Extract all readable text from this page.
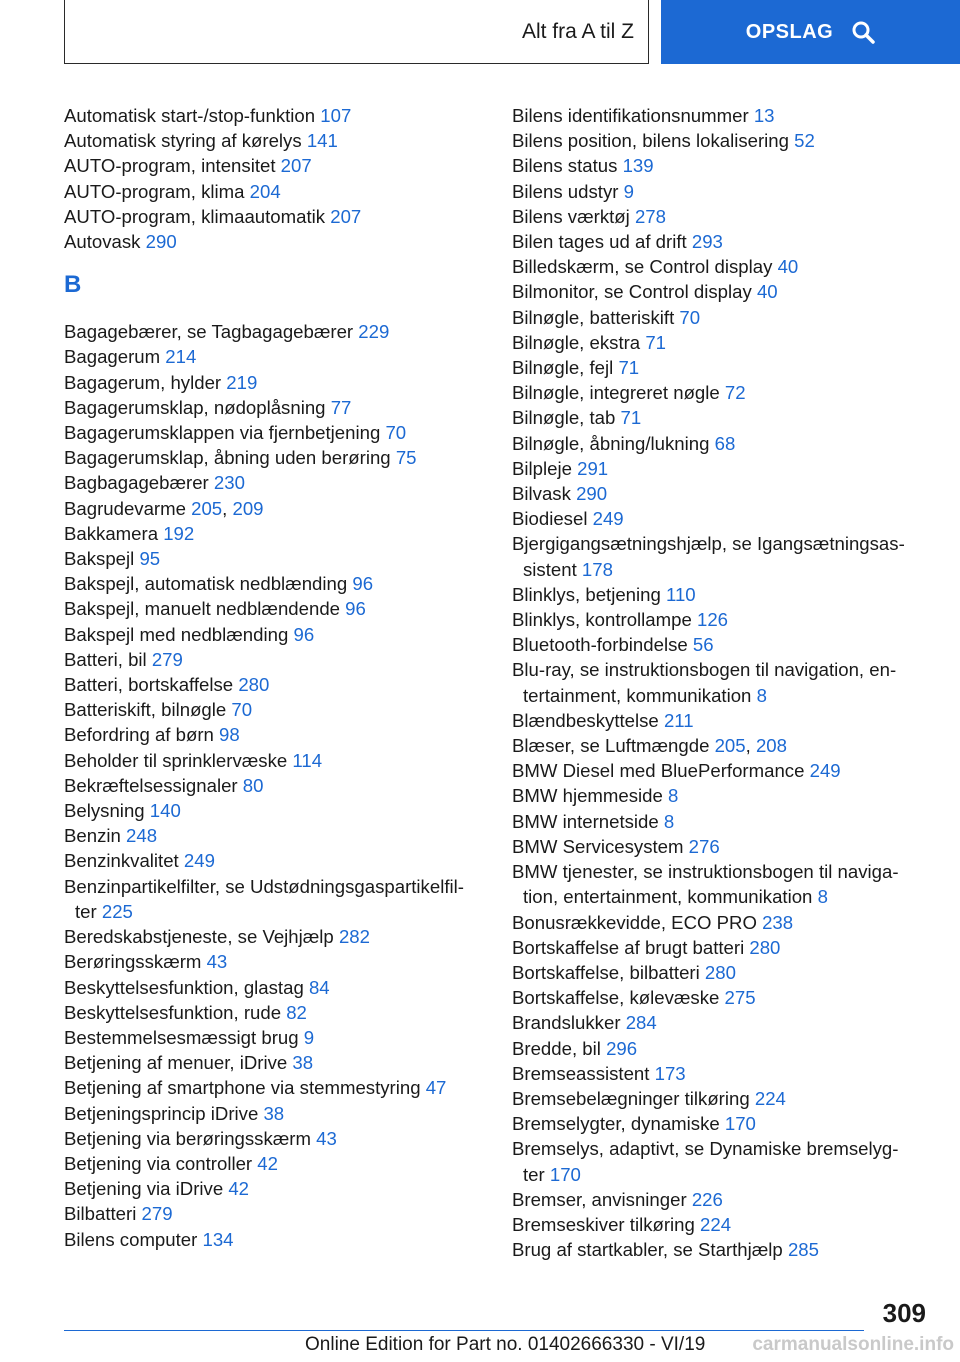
Alt fra A til Z	OPSLAG
Automatisk start-/stop-funktion 107
Automatisk styring af kørelys 141
AUTO-program, intensitet 207
AUTO-program, klima 204
AUTO-program, klimaautomatik 207
Autovask 290
B
Bagagebærer, se Tagbagagebærer 229
Bagagerum 214
Bagagerum, hylder 219
Bagagerumsklap, nødoplåsning 77
Bagagerumsklappen via fjernbetjening 70
Bagagerumsklap, åbning uden berøring 75
Bagbagagebærer 230
Bagrudevarme 205, 209
Bakkamera 192
Bakspejl 95
Bakspejl, automatisk nedblænding 96
Bakspejl, manuelt nedblændende 96
Bakspejl med nedblænding 96
Batteri, bil 279
Batteri, bortskaffelse 280
Batteriskift, bilnøgle 70
Befordring af børn 98
Beholder til sprinklervæske 114
Bekræftelsessignaler 80
Belysning 140
Benzin 248
Benzinkvalitet 249
Benzinpartikelfilter, se Udstødningsgaspartikelfil‐ ter 225
Beredskabstjeneste, se Vejhjælp 282
Berøringsskærm 43
Beskyttelsesfunktion, glastag 84
Beskyttelsesfunktion, rude 82
Bestemmelsesmæssigt brug 9
Betjening af menuer, iDrive 38
Betjening af smartphone via stemmestyring 47
Betjeningsprincip iDrive 38
Betjening via berøringsskærm 43
Betjening via controller 42
Betjening via iDrive 42
Bilbatteri 279
Bilens computer 134
Bilens identifikationsnummer 13
Bilens position, bilens lokalisering 52
Bilens status 139
Bilens udstyr 9
Bilens værktøj 278
Bilen tages ud af drift 293
Billedskærm, se Control display 40
Bilmonitor, se Control display 40
Bilnøgle, batteriskift 70
Bilnøgle, ekstra 71
Bilnøgle, fejl 71
Bilnøgle, integreret nøgle 72
Bilnøgle, tab 71
Bilnøgle, åbning/lukning 68
Bilpleje 291
Bilvask 290
Biodiesel 249
Bjergigangsætningshjælp, se Igangsætningsas‐ sistent 178
Blinklys, betjening 110
Blinklys, kontrollampe 126
Bluetooth-forbindelse 56
Blu-ray, se instruktionsbogen til navigation, en‐ tertainment, kommunikation 8
Blændbeskyttelse 211
Blæser, se Luftmængde 205, 208
BMW Diesel med BluePerformance 249
BMW hjemmeside 8
BMW internetside 8
BMW Servicesystem 276
BMW tjenester, se instruktionsbogen til naviga‐ tion, entertainment, kommunikation 8
Bonusrækkevidde, ECO PRO 238
Bortskaffelse af brugt batteri 280
Bortskaffelse, bilbatteri 280
Bortskaffelse, kølevæske 275
Brandslukker 284
Bredde, bil 296
Bremseassistent 173
Bremsebelægninger tilkøring 224
Bremselygter, dynamiske 170
Bremselys, adaptivt, se Dynamiske bremselyg‐ ter 170
Bremser, anvisninger 226
Bremseskiver tilkøring 224
Brug af startkabler, se Starthjælp 285
309
Online Edition for Part no. 01402666330 - VI/19 carmanualsonline.info
